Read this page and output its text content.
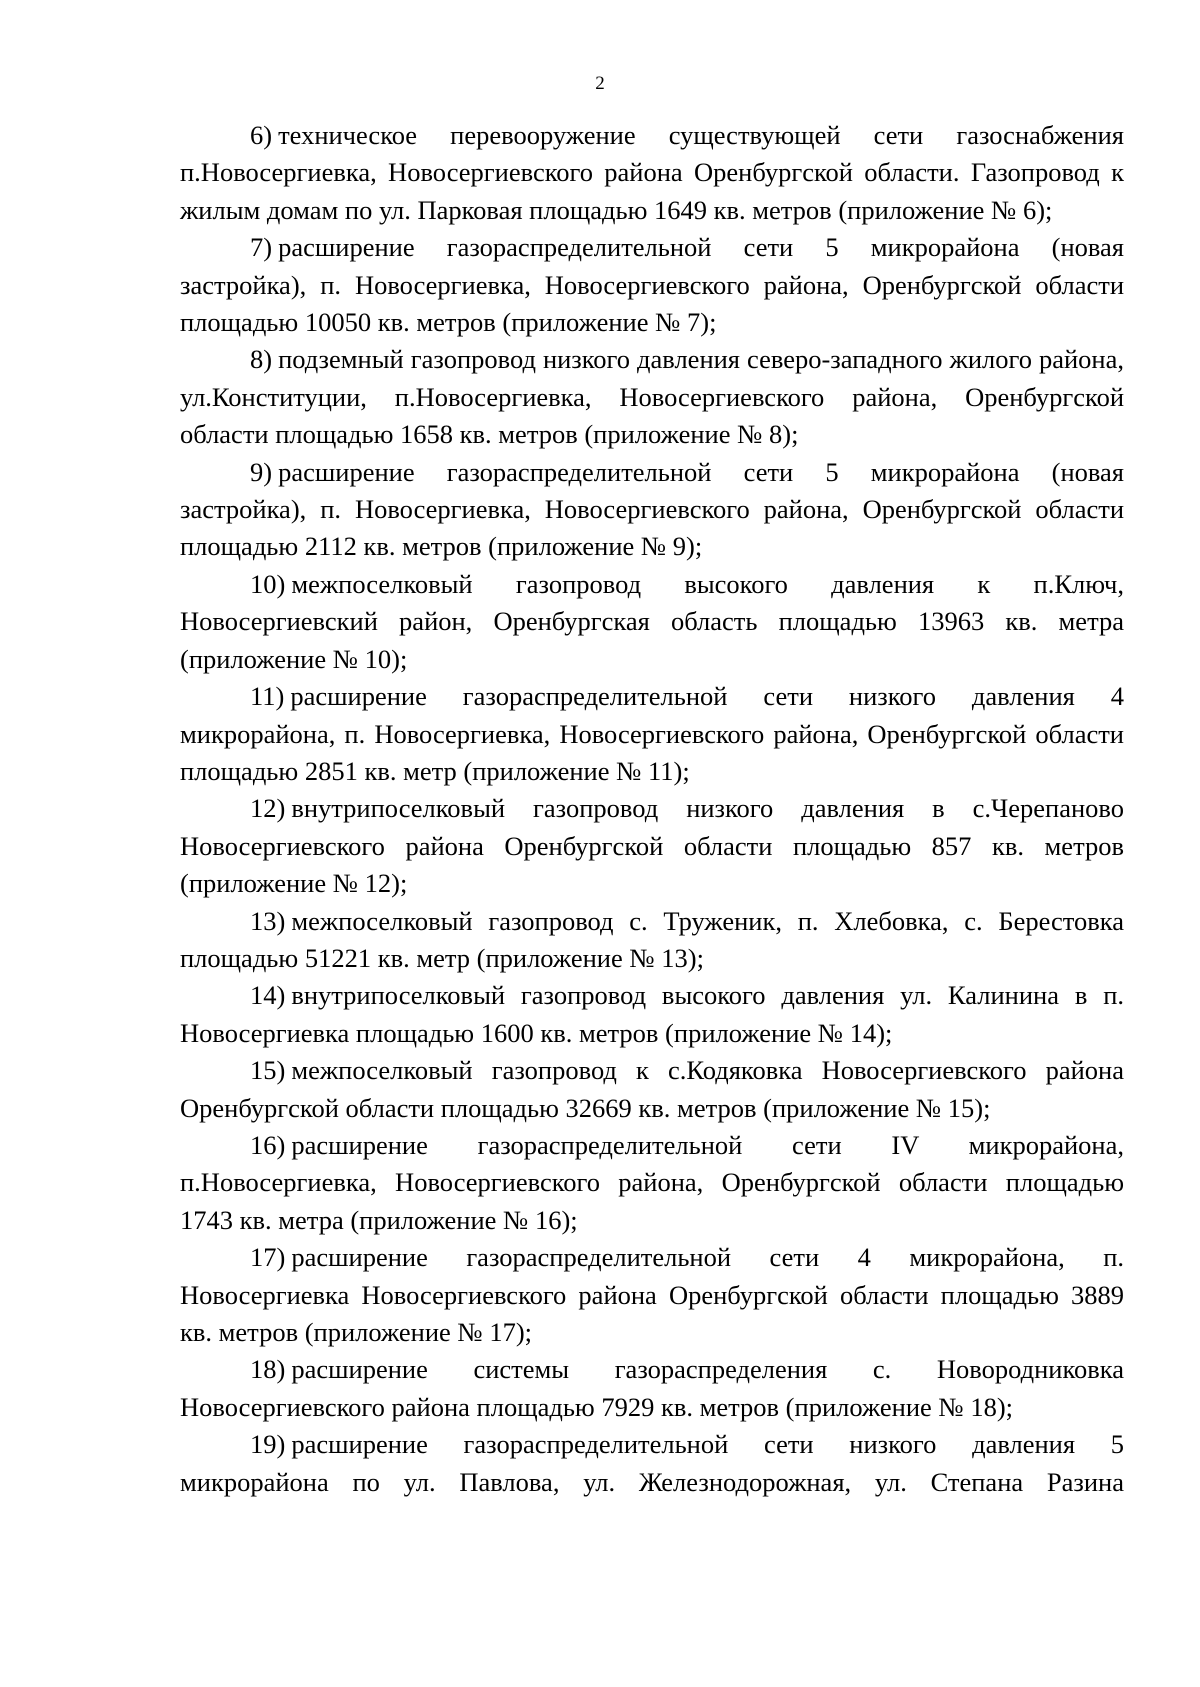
2

6) техническое перевооружение существующей сети газоснабжения п.Новосергиевка, Новосергиевского района Оренбургской области. Газопровод к жилым домам по ул. Парковая площадью 1649 кв. метров (приложение № 6);

7) расширение газораспределительной сети 5 микрорайона (новая застройка), п. Новосергиевка, Новосергиевского района, Оренбургской области площадью 10050 кв. метров (приложение № 7);

8) подземный газопровод низкого давления северо-западного жилого района, ул.Конституции, п.Новосергиевка, Новосергиевского района, Оренбургской области площадью 1658 кв. метров (приложение № 8);

9) расширение газораспределительной сети 5 микрорайона (новая застройка), п. Новосергиевка, Новосергиевского района, Оренбургской области площадью 2112 кв. метров (приложение № 9);

10) межпоселковый газопровод высокого давления к п.Ключ, Новосергиевский район, Оренбургская область площадью 13963 кв. метра (приложение № 10);

11) расширение газораспределительной сети низкого давления 4 микрорайона, п. Новосергиевка, Новосергиевского района, Оренбургской области площадью 2851 кв. метр (приложение № 11);

12) внутрипоселковый газопровод низкого давления в с.Черепаново Новосергиевского района Оренбургской области площадью 857 кв. метров (приложение № 12);

13) межпоселковый газопровод с. Труженик, п. Хлебовка, с. Берестовка площадью 51221 кв. метр (приложение № 13);

14) внутрипоселковый газопровод высокого давления ул. Калинина в п. Новосергиевка площадью 1600 кв. метров (приложение № 14);

15) межпоселковый газопровод к с.Кодяковка Новосергиевского района Оренбургской области площадью 32669 кв. метров (приложение № 15);

16) расширение газораспределительной сети IV микрорайона, п.Новосергиевка, Новосергиевского района, Оренбургской области площадью 1743 кв. метра (приложение № 16);

17) расширение газораспределительной сети 4 микрорайона, п. Новосергиевка Новосергиевского района Оренбургской области площадью 3889 кв. метров (приложение № 17);

18) расширение системы газораспределения с. Новородниковка Новосергиевского района площадью 7929 кв. метров (приложение № 18);

19) расширение газораспределительной сети низкого давления 5 микрорайона по ул. Павлова, ул. Железнодорожная, ул. Степана Разина
